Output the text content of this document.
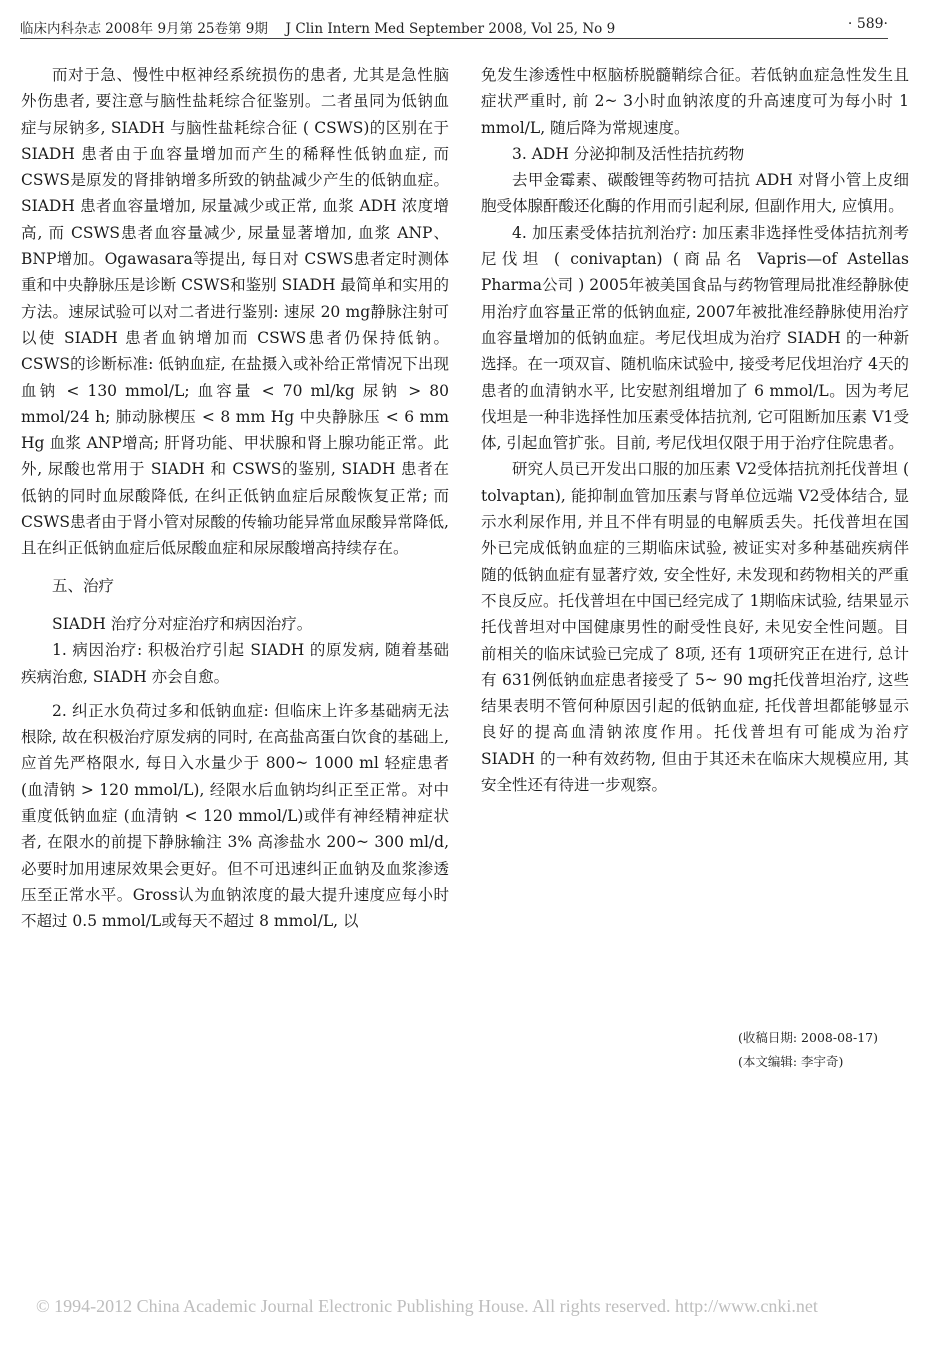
临床内科杂志 2008年 9月第 25卷第 9期　 J Clin Intern Med September 2008, Vol 25, No 9	· 589·

而对于急、慢性中枢神经系统损伤的患者, 尤其是急性脑外伤患者, 要注意与脑性盐耗综合征鉴别。二者虽同为低钠血症与尿钠多, SIADH 与脑性盐耗综合征 ( CSWS)的区别在于 SIADH 患者由于血容量增加而产生的稀释性低钠血症, 而 CSWS是原发的肾排钠增多所致的钠盐减少产生的低钠血症。SIADH 患者血容量增加, 尿量减少或正常, 血浆 ADH 浓度增高, 而 CSWS患者血容量减少, 尿量显著增加, 血浆 ANP、BNP增加。Ogawasara等提出, 每日对 CSWS患者定时测体重和中央静脉压是诊断 CSWS和鉴别 SIADH 最简单和实用的方法。速尿试验可以对二者进行鉴别: 速尿 20 mg静脉注射可以使 SIADH 患者血钠增加而 CSWS患者仍保持低钠。CSWS的诊断标准: 低钠血症, 在盐摄入或补给正常情况下出现血钠 < 130 mmol/L; 血容量 < 70 ml/kg 尿钠 > 80 mmol/24 h; 肺动脉楔压 < 8 mm Hg 中央静脉压 < 6 mm Hg 血浆 ANP增高; 肝肾功能、甲状腺和肾上腺功能正常。此外, 尿酸也常用于 SIADH 和 CSWS的鉴别, SIADH 患者在低钠的同时血尿酸降低, 在纠正低钠血症后尿酸恢复正常; 而 CSWS患者由于肾小管对尿酸的传输功能异常血尿酸异常降低, 且在纠正低钠血症后低尿酸血症和尿尿酸增高持续存在。

五、治疗

SIADH 治疗分对症治疗和病因治疗。

1. 病因治疗: 积极治疗引起 SIADH 的原发病, 随着基础疾病治愈, SIADH 亦会自愈。

2. 纠正水负荷过多和低钠血症: 但临床上许多基础病无法根除, 故在积极治疗原发病的同时, 在高盐高蛋白饮食的基础上, 应首先严格限水, 每日入水量少于 800~ 1000 ml 轻症患者 (血清钠 > 120 mmol/L), 经限水后血钠均纠正至正常。对中重度低钠血症 (血清钠 < 120 mmol/L)或伴有神经精神症状者, 在限水的前提下静脉输注 3% 高渗盐水 200~ 300 ml/d, 必要时加用速尿效果会更好。但不可迅速纠正血钠及血浆渗透压至正常水平。Gross认为血钠浓度的最大提升速度应每小时不超过 0.5 mmol/L或每天不超过 8 mmol/L, 以

免发生渗透性中枢脑桥脱髓鞘综合征。若低钠血症急性发生且症状严重时, 前 2~ 3小时血钠浓度的升高速度可为每小时 1 mmol/L, 随后降为常规速度。

3. ADH 分泌抑制及活性拮抗药物

去甲金霉素、碳酸锂等药物可拮抗 ADH 对肾小管上皮细胞受体腺酐酸还化酶的作用而引起利尿, 但副作用大, 应慎用。

4. 加压素受体拮抗剂治疗: 加压素非选择性受体拮抗剂考尼伐坦 ( conivaptan) (商品名 Vapris—of Astellas Pharma公司 ) 2005年被美国食品与药物管理局批准经静脉使用治疗血容量正常的低钠血症, 2007年被批准经静脉使用治疗血容量增加的低钠血症。考尼伐坦成为治疗 SIADH 的一种新选择。在一项双盲、随机临床试验中, 接受考尼伐坦治疗 4天的患者的血清钠水平, 比安慰剂组增加了 6 mmol/L。因为考尼伐坦是一种非选择性加压素受体拮抗剂, 它可阻断加压素 V1受体, 引起血管扩张。目前, 考尼伐坦仅限于用于治疗住院患者。

研究人员已开发出口服的加压素 V2受体拮抗剂托伐普坦 ( tolvaptan), 能抑制血管加压素与肾单位远端 V2受体结合, 显示水利尿作用, 并且不伴有明显的电解质丢失。托伐普坦在国外已完成低钠血症的三期临床试验, 被证实对多种基础疾病伴随的低钠血症有显著疗效, 安全性好, 未发现和药物相关的严重不良反应。托伐普坦在中国已经完成了 1期临床试验, 结果显示托伐普坦对中国健康男性的耐受性良好, 未见安全性问题。目前相关的临床试验已完成了 8项, 还有 1项研究正在进行, 总计有 631例低钠血症患者接受了 5~ 90 mg托伐普坦治疗, 这些结果表明不管何种原因引起的低钠血症, 托伐普坦都能够显示良好的提高血清钠浓度作用。托伐普坦有可能成为治疗 SIADH 的一种有效药物, 但由于其还未在临床大规模应用, 其安全性还有待进一步观察。

(收稿日期: 2008-08-17)
(本文编辑: 李宇奇)
© 1994-2012 China Academic Journal Electronic Publishing House. All rights reserved. http://www.cnki.net
